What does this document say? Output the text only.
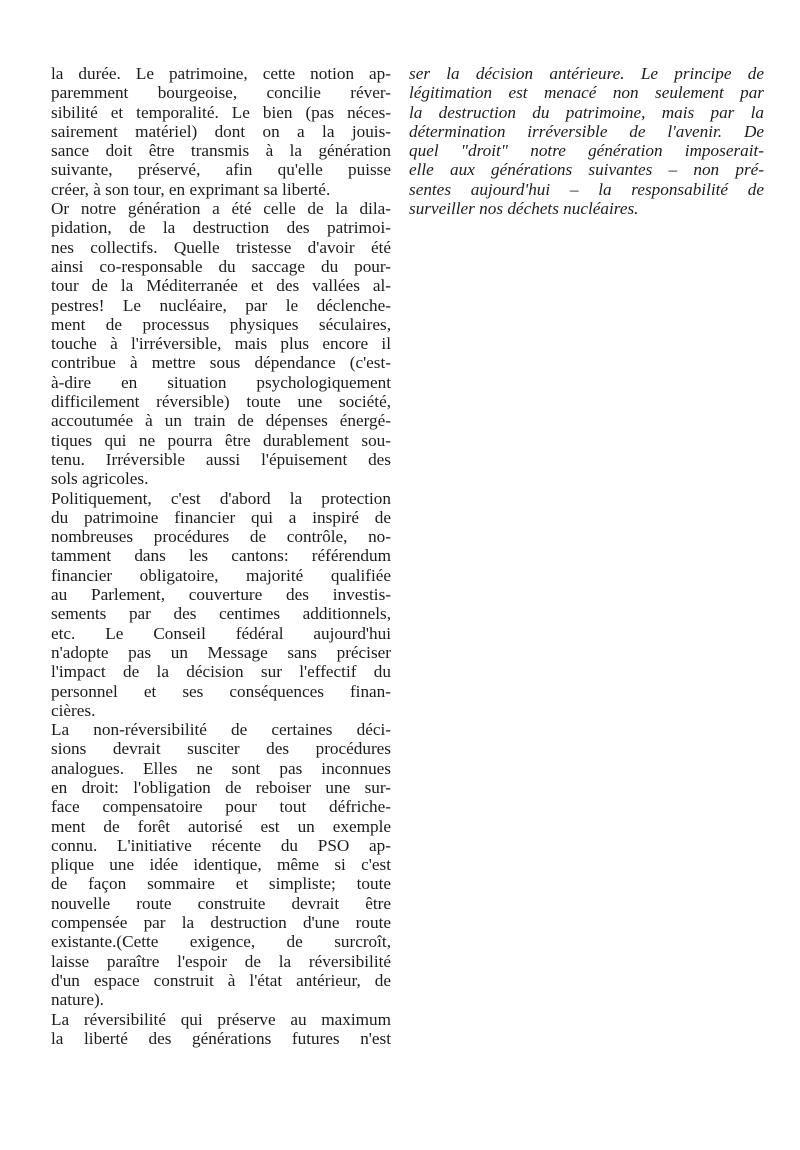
la durée. Le patrimoine, cette notion ap-
paremment bourgeoise, concilie réver-
sibilité et temporalité. Le bien (pas néces-
sairement matériel) dont on a la jouis-
sance doit être transmis à la génération
suivante, préservé, afin qu'elle puisse
créer, à son tour, en exprimant sa liberté.
Or notre génération a été celle de la dila-
pidation, de la destruction des patrimoi-
nes collectifs. Quelle tristesse d'avoir été
ainsi co-responsable du saccage du pour-
tour de la Méditerranée et des vallées al-
pestres! Le nucléaire, par le déclenche-
ment de processus physiques séculaires,
touche à l'irréversible, mais plus encore il
contribue à mettre sous dépendance (c'est-
à-dire en situation psychologiquement
difficilement réversible) toute une société,
accoutumée à un train de dépenses énergé-
tiques qui ne pourra être durablement sou-
tenu. Irréversible aussi l'épuisement des
sols agricoles.
Politiquement, c'est d'abord la protection
du patrimoine financier qui a inspiré de
nombreuses procédures de contrôle, no-
tamment dans les cantons: référendum
financier obligatoire, majorité qualifiée
au Parlement, couverture des investis-
sements par des centimes additionnels,
etc. Le Conseil fédéral aujourd'hui
n'adopte pas un Message sans préciser
l'impact de la décision sur l'effectif du
personnel et ses conséquences finan-
cières.
La non-réversibilité de certaines déci-
sions devrait susciter des procédures
analogues. Elles ne sont pas inconnues
en droit: l'obligation de reboiser une sur-
face compensatoire pour tout défriche-
ment de forêt autorisé est un exemple
connu. L'initiative récente du PSO ap-
plique une idée identique, même si c'est
de façon sommaire et simpliste; toute
nouvelle route construite devrait être
compensée par la destruction d'une route
existante.(Cette exigence, de surcroît,
laisse paraître l'espoir de la réversibilité
d'un espace construit à l'état antérieur, de
nature).
La réversibilité qui préserve au maximum
la liberté des générations futures n'est
ser la décision antérieure. Le principe de
légitimation est menacé non seulement par
la destruction du patrimoine, mais par la
détermination irréversible de l'avenir. De
quel "droit" notre génération imposerait-
elle aux générations suivantes – non pré-
sentes aujourd'hui – la responsabilité de
surveiller nos déchets nucléaires.
